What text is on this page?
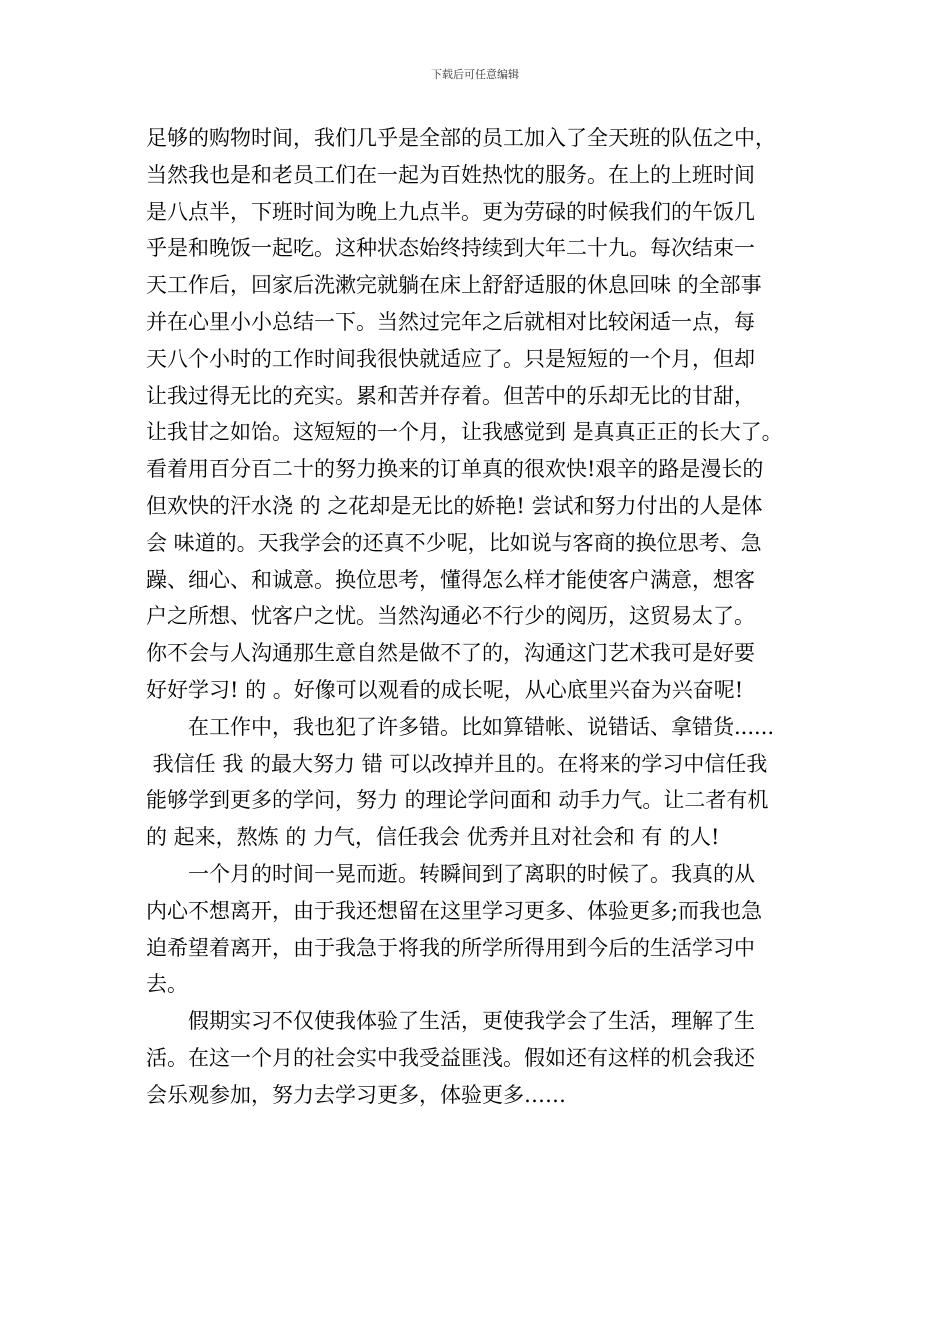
下载后可任意编辑
足够的购物时间，我们几乎是全部的员工加入了全天班的队伍之中，
当然我也是和老员工们在一起为百姓热忱的服务。在上的上班时间
是八点半，下班时间为晚上九点半。更为劳碌的时候我们的午饭几
乎是和晚饭一起吃。这种状态始终持续到大年二十九。每次结束一
天工作后，回家后洗漱完就躺在床上舒舒适服的休息回味 的全部事
并在心里小小总结一下。当然过完年之后就相对比较闲适一点，每
天八个小时的工作时间我很快就适应了。只是短短的一个月，但却
让我过得无比的充实。累和苦并存着。但苦中的乐却无比的甘甜，
让我甘之如饴。这短短的一个月，让我感觉到 是真真正正的长大了。
看着用百分百二十的努力换来的订单真的很欢快!艰辛的路是漫长的
但欢快的汗水浇 的 之花却是无比的娇艳! 尝试和努力付出的人是体
会 味道的。天我学会的还真不少呢，比如说与客商的换位思考、急
躁、细心、和诚意。换位思考，懂得怎么样才能使客户满意，想客
户之所想、忧客户之忧。当然沟通必不行少的阅历，这贸易太了。
你不会与人沟通那生意自然是做不了的，沟通这门艺术我可是好要
好好学习! 的 。好像可以观看的成长呢，从心底里兴奋为兴奋呢!
在工作中，我也犯了许多错。比如算错帐、说错话、拿错货......
我信任 我 的最大努力 错 可以改掉并且的。在将来的学习中信任我
能够学到更多的学问，努力 的理论学问面和 动手力气。让二者有机
的 起来，熬炼 的 力气，信任我会 优秀并且对社会和 有 的人!
一个月的时间一晃而逝。转瞬间到了离职的时候了。我真的从
内心不想离开，由于我还想留在这里学习更多、体验更多;而我也急
迫希望着离开，由于我急于将我的所学所得用到今后的生活学习中
去。
假期实习不仅使我体验了生活，更使我学会了生活，理解了生
活。在这一个月的社会实中我受益匪浅。假如还有这样的机会我还
会乐观参加，努力去学习更多，体验更多……
